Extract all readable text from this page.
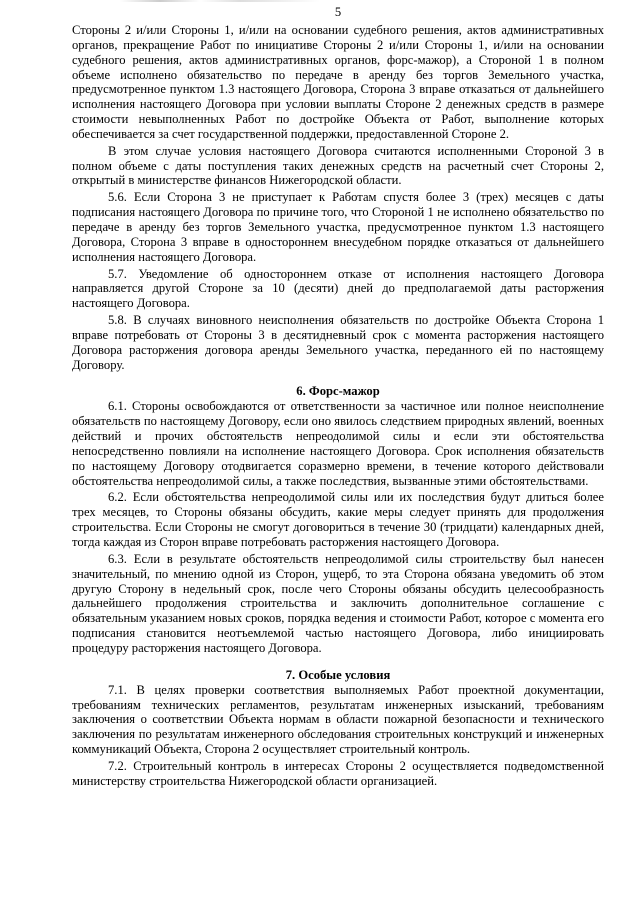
5

Стороны 2 и/или Стороны 1, и/или на основании судебного решения, актов административных органов, прекращение Работ по инициативе Стороны 2 и/или Стороны 1, и/или на основании судебного решения, актов административных органов, форс-мажор), а Стороной 1 в полном объеме исполнено обязательство по передаче в аренду без торгов Земельного участка, предусмотренное пунктом 1.3 настоящего Договора, Сторона 3 вправе отказаться от дальнейшего исполнения настоящего Договора при условии выплаты Стороне 2 денежных средств в размере стоимости невыполненных Работ по достройке Объекта от Работ, выполнение которых обеспечивается за счет государственной поддержки, предоставленной Стороне 2.

В этом случае условия настоящего Договора считаются исполненными Стороной 3 в полном объеме с даты поступления таких денежных средств на расчетный счет Стороны 2, открытый в министерстве финансов Нижегородской области.

5.6. Если Сторона 3 не приступает к Работам спустя более 3 (трех) месяцев с даты подписания настоящего Договора по причине того, что Стороной 1 не исполнено обязательство по передаче в аренду без торгов Земельного участка, предусмотренное пунктом 1.3 настоящего Договора, Сторона 3 вправе в одностороннем внесудебном порядке отказаться от дальнейшего исполнения настоящего Договора.

5.7. Уведомление об одностороннем отказе от исполнения настоящего Договора направляется другой Стороне за 10 (десяти) дней до предполагаемой даты расторжения настоящего Договора.

5.8. В случаях виновного неисполнения обязательств по достройке Объекта Сторона 1 вправе потребовать от Стороны 3 в десятидневный срок с момента расторжения настоящего Договора расторжения договора аренды Земельного участка, переданного ей по настоящему Договору.

6. Форс-мажор

6.1. Стороны освобождаются от ответственности за частичное или полное неисполнение обязательств по настоящему Договору, если оно явилось следствием природных явлений, военных действий и прочих обстоятельств непреодолимой силы и если эти обстоятельства непосредственно повлияли на исполнение настоящего Договора. Срок исполнения обязательств по настоящему Договору отодвигается соразмерно времени, в течение которого действовали обстоятельства непреодолимой силы, а также последствия, вызванные этими обстоятельствами.

6.2. Если обстоятельства непреодолимой силы или их последствия будут длиться более трех месяцев, то Стороны обязаны обсудить, какие меры следует принять для продолжения строительства. Если Стороны не смогут договориться в течение 30 (тридцати) календарных дней, тогда каждая из Сторон вправе потребовать расторжения настоящего Договора.

6.3. Если в результате обстоятельств непреодолимой силы строительству был нанесен значительный, по мнению одной из Сторон, ущерб, то эта Сторона обязана уведомить об этом другую Сторону в недельный срок, после чего Стороны обязаны обсудить целесообразность дальнейшего продолжения строительства и заключить дополнительное соглашение с обязательным указанием новых сроков, порядка ведения и стоимости Работ, которое с момента его подписания становится неотъемлемой частью настоящего Договора, либо инициировать процедуру расторжения настоящего Договора.

7. Особые условия

7.1. В целях проверки соответствия выполняемых Работ проектной документации, требованиям технических регламентов, результатам инженерных изысканий, требованиям заключения о соответствии Объекта нормам в области пожарной безопасности и технического заключения по результатам инженерного обследования строительных конструкций и инженерных коммуникаций Объекта, Сторона 2 осуществляет строительный контроль.

7.2. Строительный контроль в интересах Стороны 2 осуществляется подведомственной министерству строительства Нижегородской области организацией.
